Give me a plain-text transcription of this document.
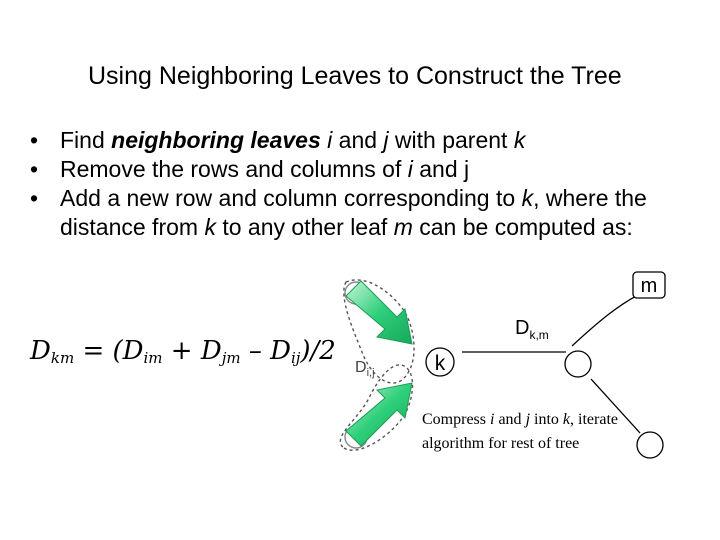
Using Neighboring Leaves to Construct the Tree
• Find neighboring leaves i and j with parent k
• Remove the rows and columns of i and j
• Add a new row and column corresponding to k, where the distance from k to any other leaf m can be computed as:
$D_{km} = (D_{im} + D_{jm} - D_{ij})/2$	k
m
$D_{k,m}$
$D_{i,j}$
Compress i and j into k, iterate algorithm for rest of tree
